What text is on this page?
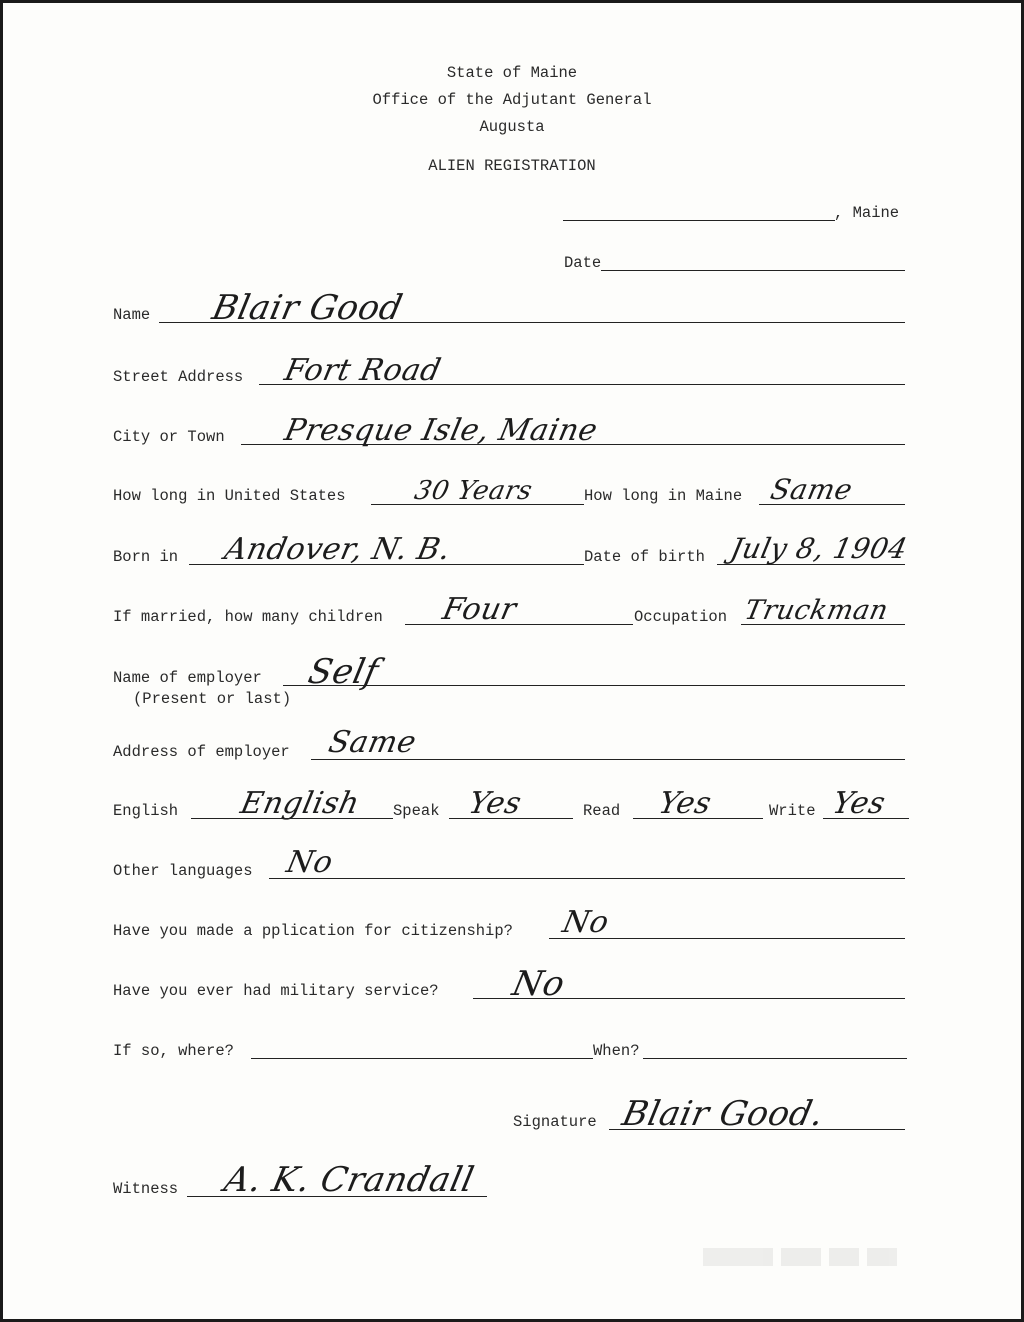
State of Maine
Office of the Adjutant General
Augusta
ALIEN REGISTRATION
, Maine
Date
Name Blair Good
Street Address Fort Road
City or Town Presque Isle, Maine
How long in United States	30 Years	How long in Maine Same
Born in Andover, N. B.	Date of birth July 8, 1904
If married, how many children Four	Occupation Truckman
Name of employer
(Present or last)
Self
Address of employer Same
English English Speak Yes	Read Yes	Write Yes
Other languages No
Have you made a pplication for citizenship? No
Have you ever had military service? No
If so, where?	When?
Signature Blair Good.
Witness A. K. Crandall
